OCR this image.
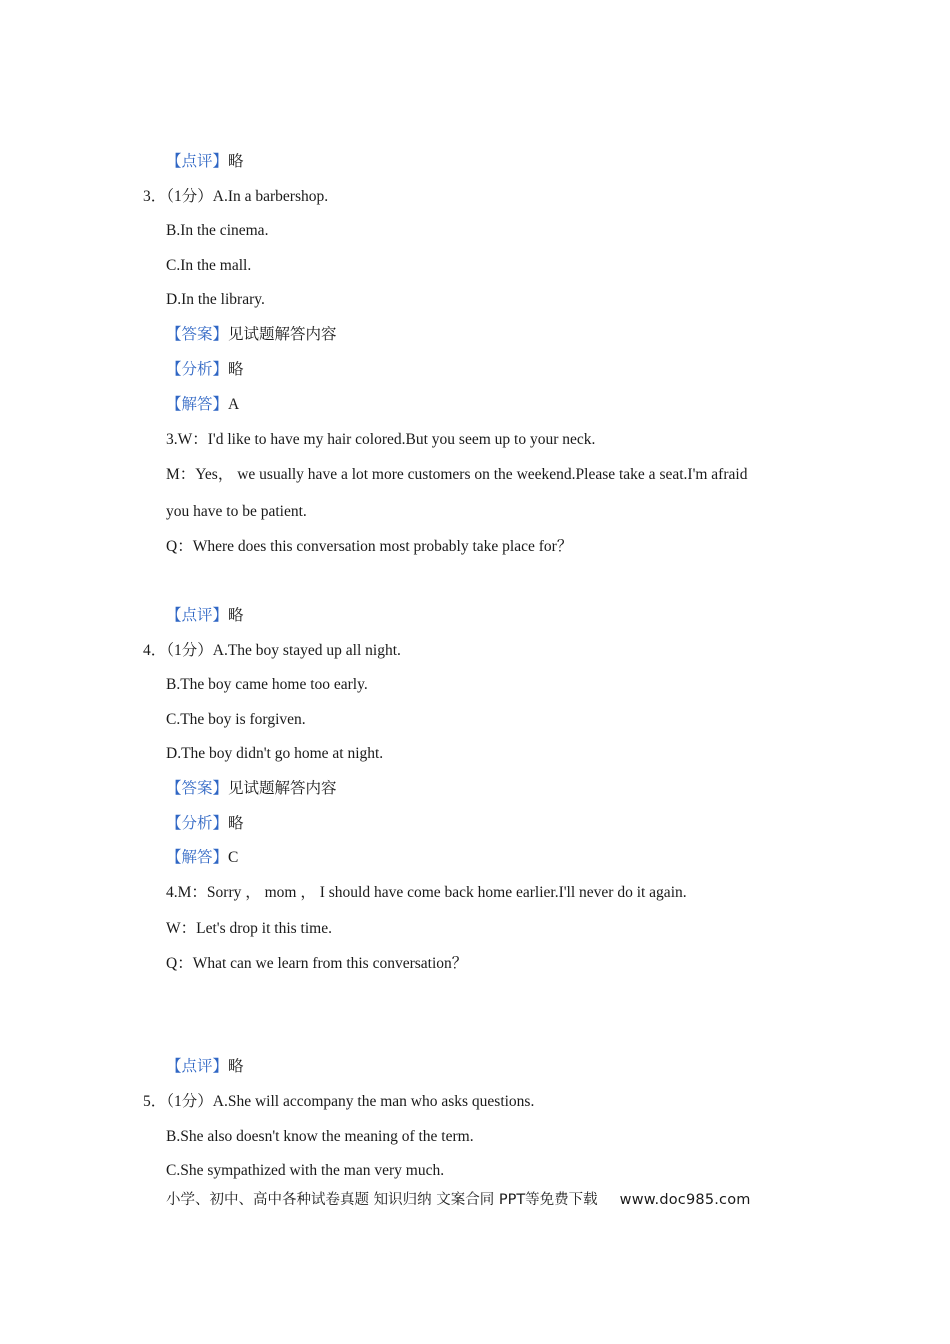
【点评】略
3．（1分）A.In a barbershop.
B.In the cinema.
C.In the mall.
D.In the library.
【答案】见试题解答内容
【分析】略
【解答】A
3.W：I'd like to have my hair colored.But you seem up to your neck.
M：Yes， we usually have a lot more customers on the weekend.Please take a seat.I'm afraid
you have to be patient.
Q：Where does this conversation most probably take place for？
【点评】略
4．（1分）A.The boy stayed up all night.
B.The boy came home too early.
C.The boy is forgiven.
D.The boy didn't go home at night.
【答案】见试题解答内容
【分析】略
【解答】C
4.M：Sorry ， mom ， I should have come back home earlier.I'll never do it again.
W：Let's drop it this time.
Q：What can we learn from this conversation？
【点评】略
5．（1分）A.She will accompany the man who asks questions.
B.She also doesn't know the meaning of the term.
C.She sympathized with the man very much.
小学、初中、高中各种试卷真题 知识归纳 文案合同 PPT等免费下载 www.doc985.com
